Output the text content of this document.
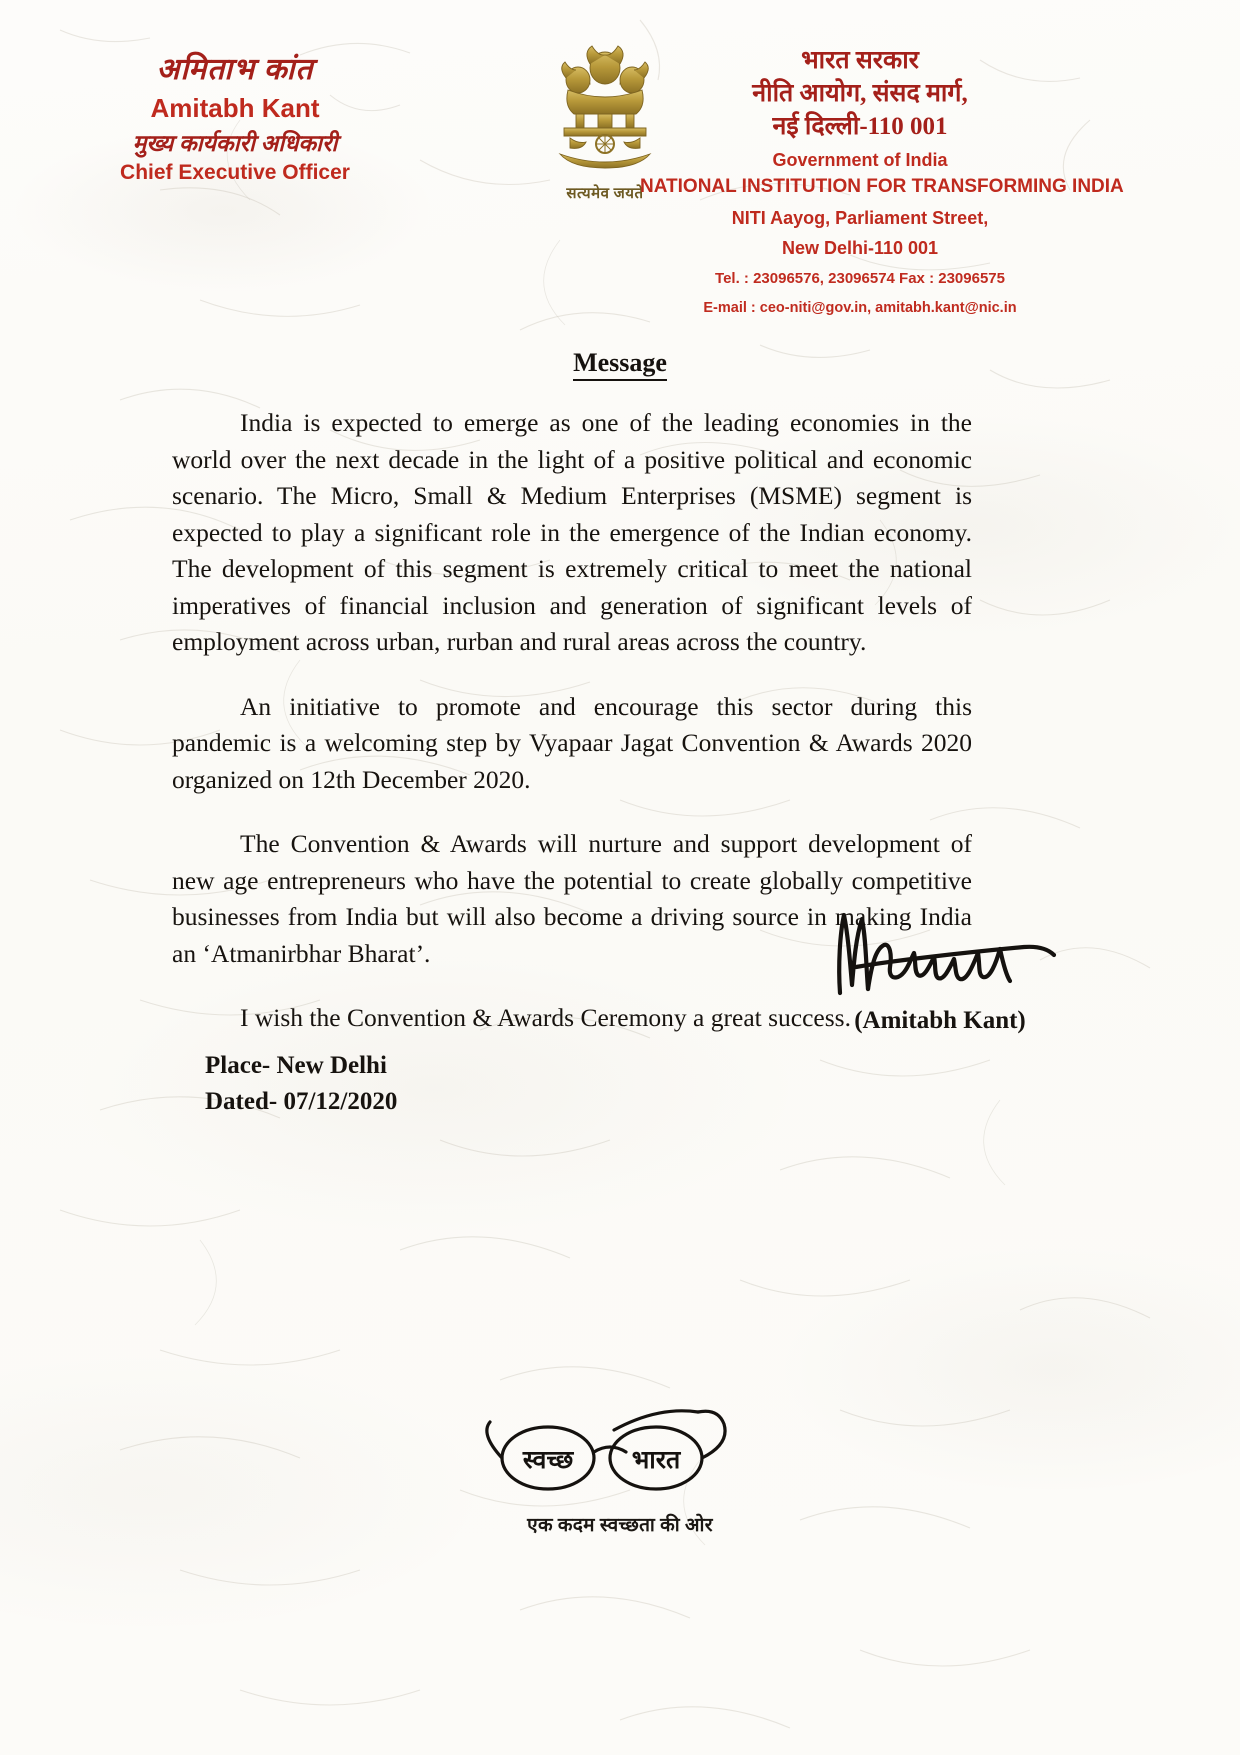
अमिताभ कांत
Amitabh Kant
मुख्य कार्यकारी अधिकारी
Chief Executive Officer
सत्यमेव जयते
भारत सरकार
नीति आयोग, संसद मार्ग,
नई दिल्ली-110 001
Government of India
NATIONAL INSTITUTION FOR TRANSFORMING INDIA
NITI Aayog, Parliament Street,
New Delhi-110 001
Tel. : 23096576, 23096574 Fax : 23096575
E-mail : ceo-niti@gov.in, amitabh.kant@nic.in
Message

India is expected to emerge as one of the leading economies in the world over the next decade in the light of a positive political and economic scenario. The Micro, Small & Medium Enterprises (MSME) segment is expected to play a significant role in the emergence of the Indian economy. The development of this segment is extremely critical to meet the national imperatives of financial inclusion and generation of significant levels of employment across urban, rurban and rural areas across the country.

An initiative to promote and encourage this sector during this pandemic is a welcoming step by Vyapaar Jagat Convention & Awards 2020 organized on 12th December 2020.

The Convention & Awards will nurture and support development of new age entrepreneurs who have the potential to create globally competitive businesses from India but will also become a driving source in making India an ‘Atmanirbhar Bharat’.

I wish the Convention & Awards Ceremony a great success. (Amitabh Kant)
Place- New Delhi
Dated- 07/12/2020
स्वच्छ भारत
एक कदम स्वच्छता की ओर
